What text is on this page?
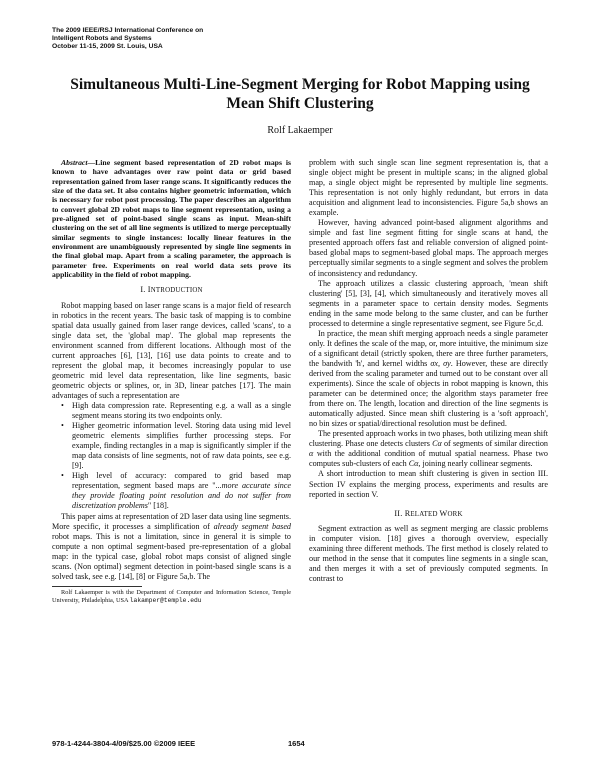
The 2009 IEEE/RSJ International Conference on
Intelligent Robots and Systems
October 11-15, 2009 St. Louis, USA
Simultaneous Multi-Line-Segment Merging for Robot Mapping using
Mean Shift Clustering
Rolf Lakaemper

Abstract—Line segment based representation of 2D robot maps is known to have advantages over raw point data or grid based representation gained from laser range scans. It significantly reduces the size of the data set. It also contains higher geometric information, which is necessary for robot post processing. The paper describes an algorithm to convert global 2D robot maps to line segment representation, using a pre-aligned set of point-based single scans as input. Mean-shift clustering on the set of all line segments is utilized to merge perceptually similar segments to single instances: locally linear features in the environment are unambiguously represented by single line segments in the final global map. Apart from a scaling parameter, the approach is parameter free. Experiments on real world data sets prove its applicability in the field of robot mapping.

I. INTRODUCTION

Robot mapping based on laser range scans is a major field of research in robotics in the recent years. The basic task of mapping is to combine spatial data usually gained from laser range devices, called 'scans', to a single data set, the 'global map'. The global map represents the environment scanned from different locations. Although most of the current approaches [6], [13], [16] use data points to create and to represent the global map, it becomes increasingly popular to use geometric mid level data representation, like line segments, basic geometric objects or splines, or, in 3D, linear patches [17]. The main advantages of such a representation are

• High data compression rate. Representing e.g. a wall as a single segment means storing its two endpoints only.
• Higher geometric information level. Storing data using mid level geometric elements simplifies further processing steps. For example, finding rectangles in a map is significantly simpler if the map data consists of line segments, not of raw data points, see e.g. [9].
• High level of accuracy: compared to grid based map representation, segment based maps are "...more accurate since they provide floating point resolution and do not suffer from discretization problems" [18].

This paper aims at representation of 2D laser data using line segments. More specific, it processes a simplification of already segment based robot maps. This is not a limitation, since in general it is simple to compute a non optimal segment-based pre-representation of a global map: in the typical case, global robot maps consist of aligned single scans. (Non optimal) segment detection in point-based single scans is a solved task, see e.g. [14], [8] or Figure 5a,b. The

Rolf Lakaemper is with the Department of Computer and Information Science, Temple University, Philadelphia, USA lakamper@temple.edu

problem with such single scan line segment representation is, that a single object might be present in multiple scans; in the aligned global map, a single object might be represented by multiple line segments. This representation is not only highly redundant, but errors in data acquisition and alignment lead to inconsistencies. Figure 5a,b shows an example.

However, having advanced point-based alignment algorithms and simple and fast line segment fitting for single scans at hand, the presented approach offers fast and reliable conversion of aligned point-based global maps to segment-based global maps. The approach merges perceptually similar segments to a single segment and solves the problem of inconsistency and redundancy.

The approach utilizes a classic clustering approach, 'mean shift clustering' [5], [3], [4], which simultaneously and iteratively moves all segments in a parameter space to certain density modes. Segments ending in the same mode belong to the same cluster, and can be further processed to determine a single representative segment, see Figure 5c,d.

In practice, the mean shift merging approach needs a single parameter only. It defines the scale of the map, or, more intuitive, the minimum size of a significant detail (strictly spoken, there are three further parameters, the bandwith 'h', and kernel widths σx, σy. However, these are directly derived from the scaling parameter and turned out to be constant over all experiments). Since the scale of objects in robot mapping is known, this parameter can be determined once; the algorithm stays parameter free from there on. The length, location and direction of the line segments is automatically adjusted. Since mean shift clustering is a 'soft approach', no bin sizes or spatial/directional resolution must be defined.

The presented approach works in two phases, both utilizing mean shift clustering. Phase one detects clusters Cα of segments of similar direction α with the additional condition of mutual spatial nearness. Phase two computes sub-clusters of each Cα, joining nearly collinear segments.

A short introduction to mean shift clustering is given in section III. Section IV explains the merging process, experiments and results are reported in section V.

II. RELATED WORK

Segment extraction as well as segment merging are classic problems in computer vision. [18] gives a thorough overview, especially examining three different methods. The first method is closely related to our method in the sense that it computes line segments in a single scan, and then merges it with a set of previously computed segments. In contrast to

978-1-4244-3804-4/09/$25.00 ©2009 IEEE	1654
